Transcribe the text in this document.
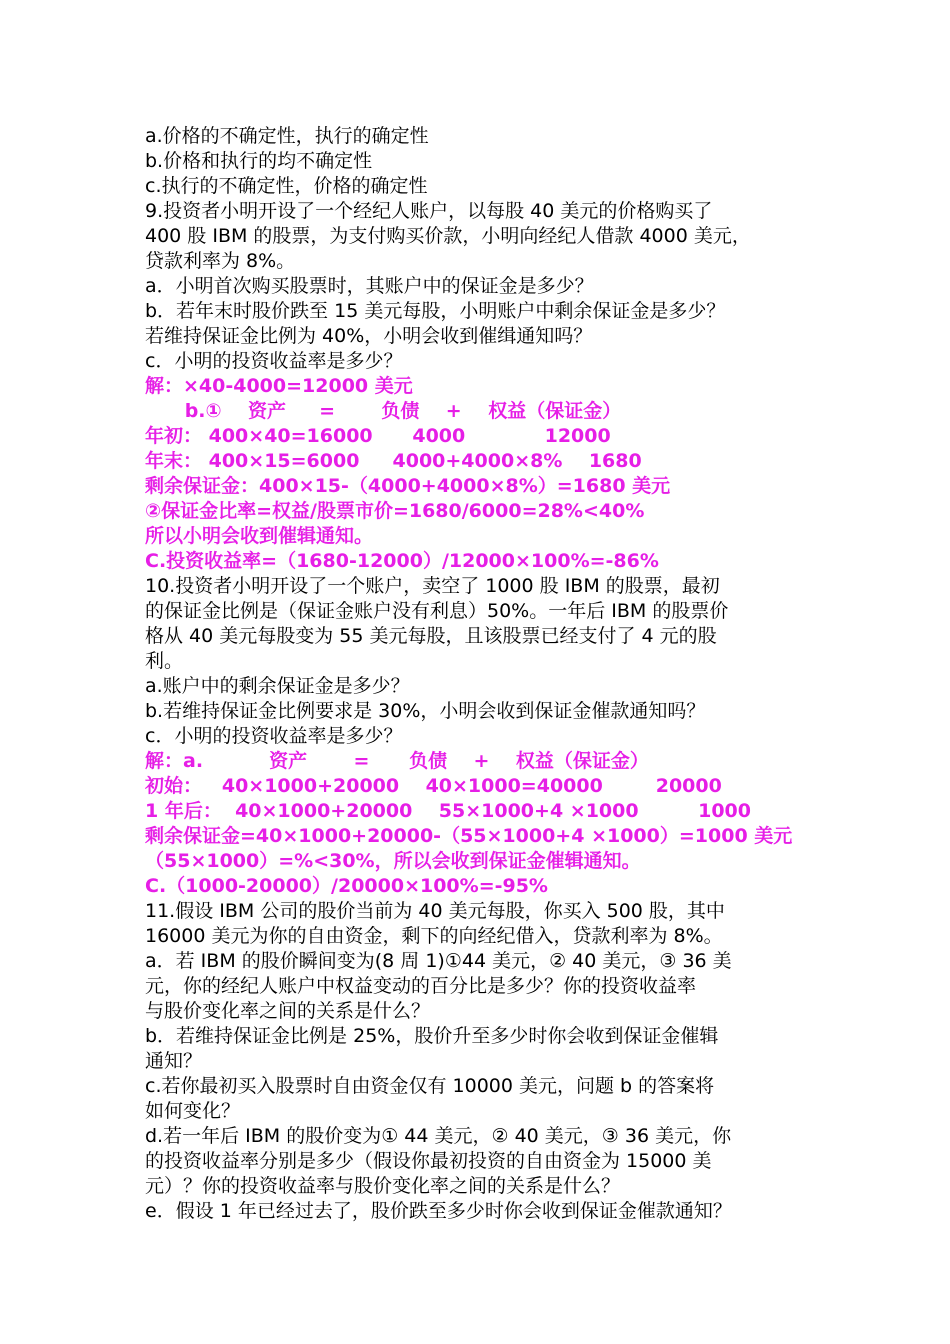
a.价格的不确定性，执行的确定性
b.价格和执行的均不确定性
c.执行的不确定性，价格的确定性
9.投资者小明开设了一个经纪人账户，以每股 40 美元的价格购买了
400 股 IBM 的股票，为支付购买价款，小明向经纪人借款 4000 美元，
贷款利率为 8%。
a．小明首次购买股票时，其账户中的保证金是多少？
b．若年末时股价跌至 15 美元每股，小明账户中剩余保证金是多少？
若维持保证金比例为 40%，小明会收到催缉通知吗？
c．小明的投资收益率是多少？
解：×40-4000=12000 美元
b.①    资产     =       负债    +    权益（保证金）
年初： 400×40=16000      4000            12000
年末： 400×15=6000     4000+4000×8%    1680
剩余保证金：400×15-（4000+4000×8%）=1680 美元
②保证金比率=权益/股票市价=1680/6000=28%<40%
所以小明会收到催辑通知。
C.投资收益率=（1680-12000）/12000×100%=-86%
10.投资者小明开设了一个账户，卖空了 1000 股 IBM 的股票，最初
的保证金比例是（保证金账户没有利息）50%。一年后 IBM 的股票价
格从 40 美元每股变为 55 美元每股，且该股票已经支付了 4 元的股
利。
a.账户中的剩余保证金是多少？
b.若维持保证金比例要求是 30%，小明会收到保证金催款通知吗？
c．小明的投资收益率是多少？
解：a.          资产       =      负债    +    权益（保证金）
初始：   40×1000+20000    40×1000=40000        20000
1 年后：  40×1000+20000    55×1000+4 ×1000         1000
剩余保证金=40×1000+20000-（55×1000+4 ×1000）=1000 美元
（55×1000）=%<30%，所以会收到保证金催辑通知。
C.（1000-20000）/20000×100%=-95%
11.假设 IBM 公司的股价当前为 40 美元每股，你买入 500 股，其中
16000 美元为你的自由资金，剩下的向经纪借入，贷款利率为 8%。
a．若 IBM 的股价瞬间变为(8 周 1)①44 美元，② 40 美元，③ 36 美
元，你的经纪人账户中权益变动的百分比是多少？你的投资收益率
与股价变化率之间的关系是什么？
b．若维持保证金比例是 25%，股价升至多少时你会收到保证金催辑
通知？
c.若你最初买入股票时自由资金仅有 10000 美元，问题 b 的答案将
如何变化？
d.若一年后 IBM 的股价变为① 44 美元，② 40 美元，③ 36 美元，你
的投资收益率分别是多少（假设你最初投资的自由资金为 15000 美
元）？你的投资收益率与股价变化率之间的关系是什么？
e．假设 1 年已经过去了，股价跌至多少时你会收到保证金催款通知？
